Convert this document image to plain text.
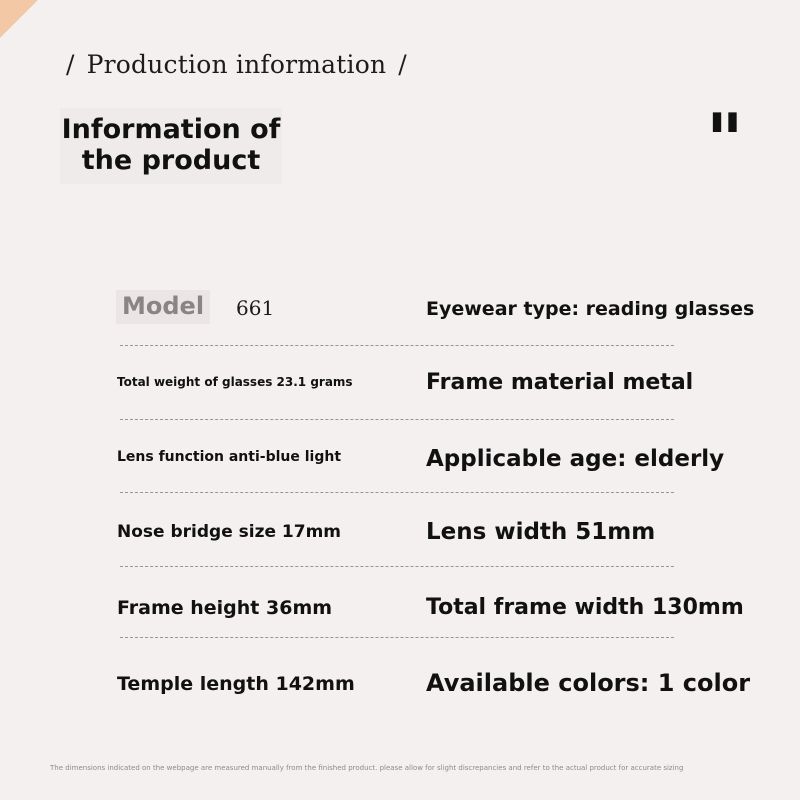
/ Production information /
Information of
the product	"
Model	661	Eyewear type: reading glasses
Total weight of glasses 23.1 grams	Frame material metal
Lens function anti-blue light	Applicable age: elderly
Nose bridge size 17mm	Lens width 51mm
Frame height 36mm	Total frame width 130mm
Temple length 142mm	Available colors: 1 color
The dimensions indicated on the webpage are measured manually from the finished product. please allow for slight discrepancies and refer to the actual product for accurate sizing
